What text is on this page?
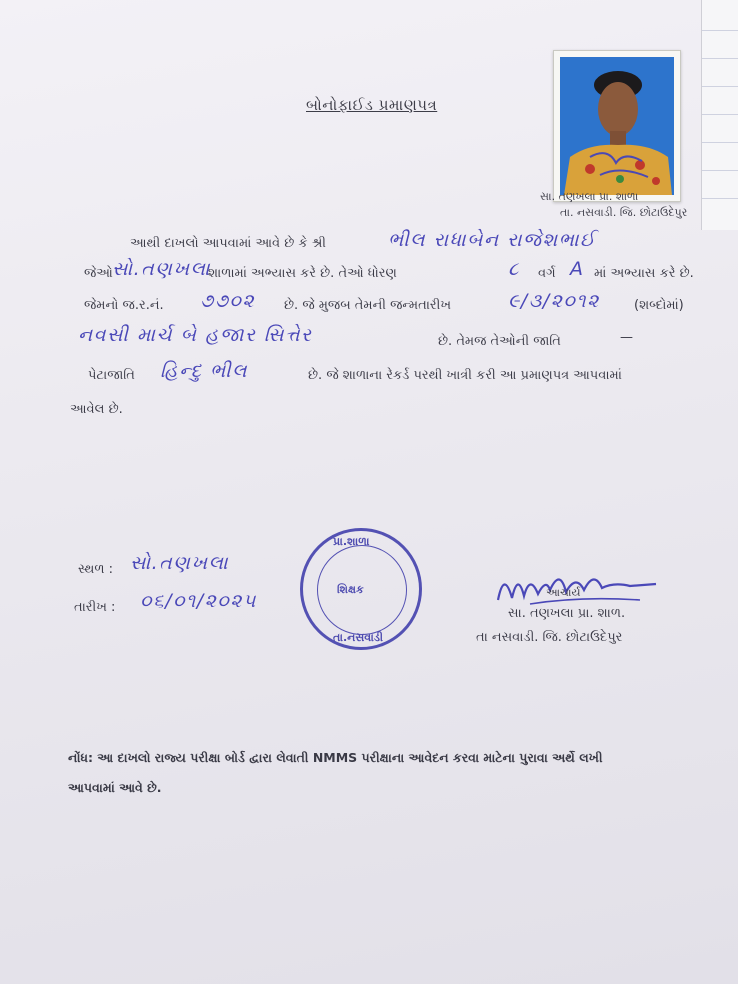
બોનોફાઈડ પ્રમાણપત્ર
સા. તણખલા પ્રા. શાળા
તા. નસવાડી. જિ. છોટાઉદેપુર
આથી દાખલો આપવામાં આવે છે કે શ્રી	ભીલ રાધાબેન રાજેશભાઈ
જેઓ સો.તણખલા
શાળામાં અભ્યાસ કરે છે. તેઓ ધોરણ	૮ વર્ગ A માં અભ્યાસ કરે છે.
જેમનો જ.ર.નં. ૭૭૦૨ છે. જે મુજબ તેમની જન્મતારીખ	૯/૩/૨૦૧૨	(શબ્દોમાં)
નવસી માર્ચ બે હજાર સિત્તેર	છે. તેમજ તેઓની જાતિ	—
પેટાજાતિ હિન્દુ ભીલ	છે. જે શાળાના રેકર્ડ પરથી ખાત્રી કરી આ પ્રમાણપત્ર આપવામાં
આવેલ છે.
સ્થળ : સો.તણખલા
તારીખ : ૦૬/૦૧/૨૦૨૫
પ્રા.શાળા
શિક્ષક
તા.નસવાડી
આચાર્ય
સા. તણખલા પ્રા. શાળ.
તા નસવાડી. જિ. છોટાઉદેપુર
નોંધ: આ દાખલો રાજ્ય પરીક્ષા બોર્ડ દ્વારા લેવાતી NMMS પરીક્ષાના આવેદન કરવા માટેના પુરાવા અર્થે લખી
આપવામાં આવે છે.
